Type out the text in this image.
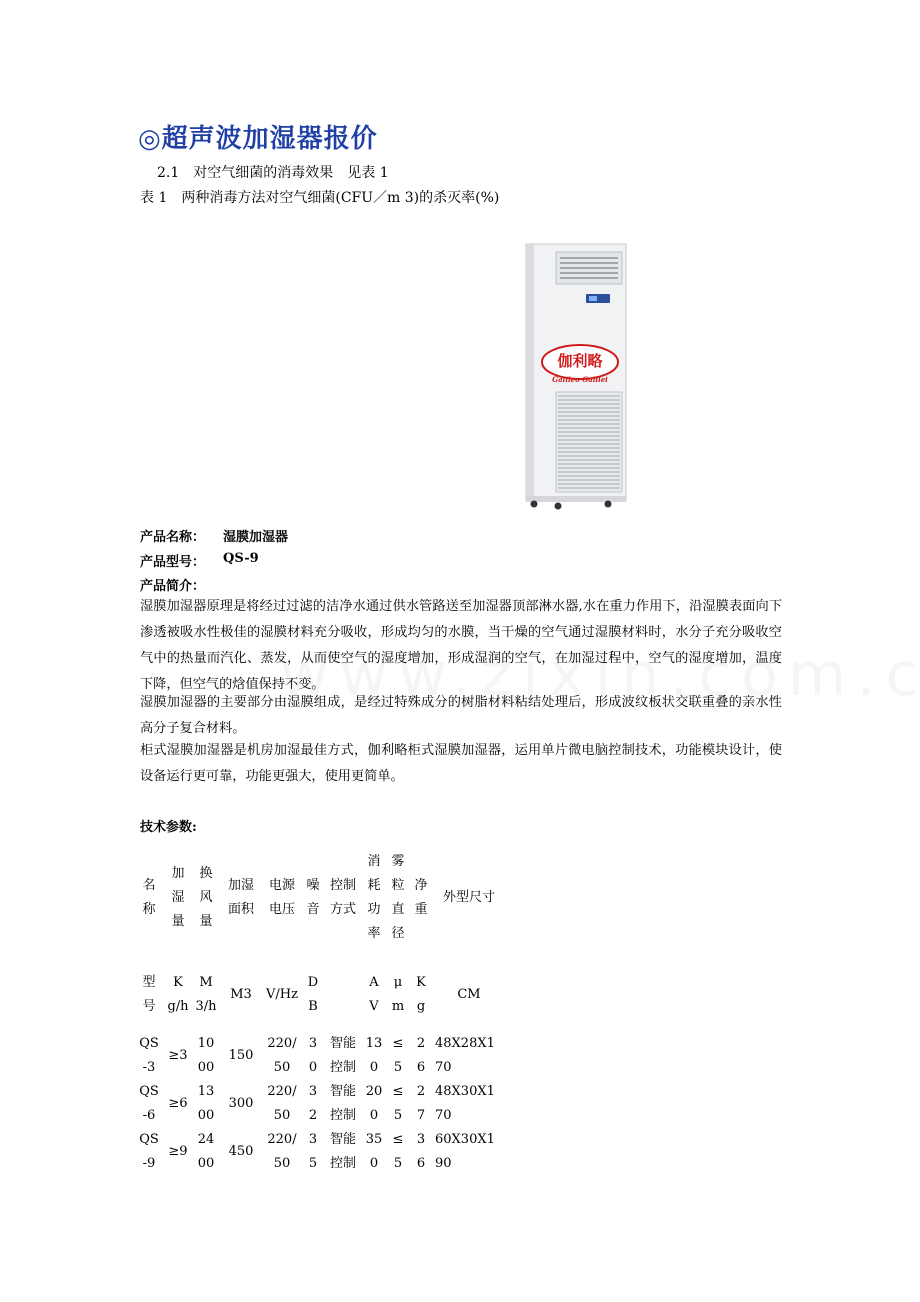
◎超声波加湿器报价
2.1　对空气细菌的消毒效果　见表 1
表 1　两种消毒方法对空气细菌(CFU／m 3)的杀灭率(%)
伽利略
Galileo Galilei
产品名称： 湿膜加湿器
产品型号： QS-9
产品简介：
湿膜加湿器原理是将经过过滤的洁净水通过供水管路送至加湿器顶部淋水器,水在重力作用下，沿湿膜表面向下渗透被吸水性极佳的湿膜材料充分吸收，形成均匀的水膜，当干燥的空气通过湿膜材料时，水分子充分吸收空气中的热量而汽化、蒸发，从而使空气的湿度增加，形成湿润的空气，在加湿过程中，空气的湿度增加，温度下降，但空气的焓值保持不变。
湿膜加湿器的主要部分由湿膜组成，是经过特殊成分的树脂材料粘结处理后，形成波纹板状交联重叠的亲水性高分子复合材料。
柜式湿膜加湿器是机房加湿最佳方式，伽利略柜式湿膜加湿器，运用单片微电脑控制技术，功能模块设计，使设备运行更可靠，功能更强大，使用更简单。
技术参数:
名称	加湿量	换风量	加湿面积	电源电压	噪音	控制方式	消耗功率	雾粒直径	净重	外型尺寸
型号	Kg/h	M3/h	M3	V/Hz	DB		AV	μm	Kg	CM
QS-3	≥3	1000	150	220/50	30	智能控制	130	≤5	26	48X28X170
QS-6	≥6	1300	300	220/50	32	智能控制	200	≤5	27	48X30X170
QS-9	≥9	2400	450	220/50	35	智能控制	350	≤5	36	60X30X190
